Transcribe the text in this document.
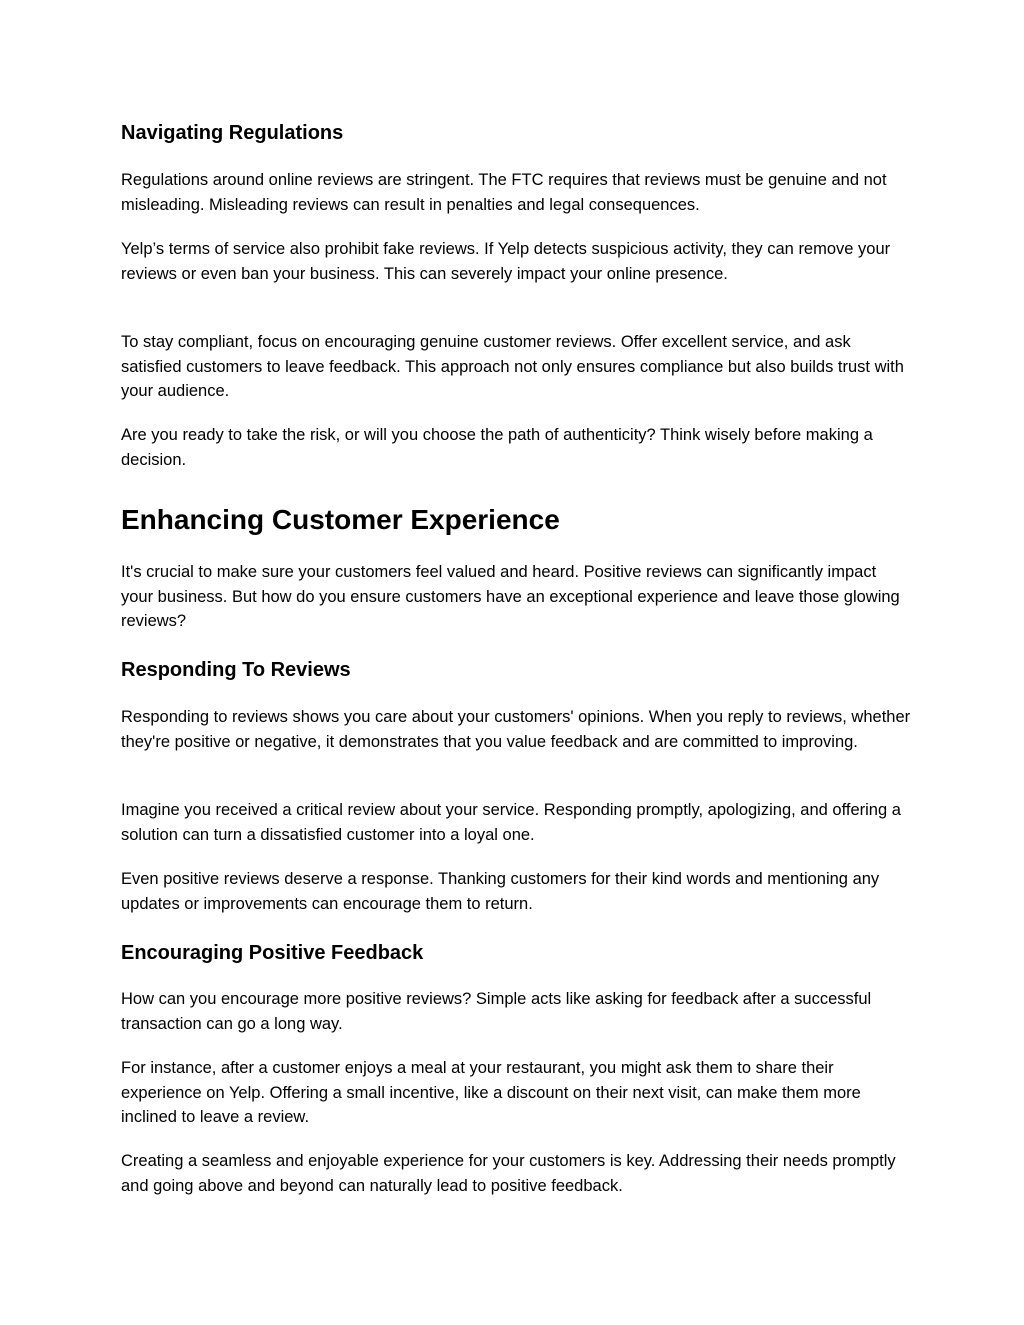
Navigating Regulations

Regulations around online reviews are stringent. The FTC requires that reviews must be genuine and not misleading. Misleading reviews can result in penalties and legal consequences.

Yelp’s terms of service also prohibit fake reviews. If Yelp detects suspicious activity, they can remove your reviews or even ban your business. This can severely impact your online presence.

To stay compliant, focus on encouraging genuine customer reviews. Offer excellent service, and ask satisfied customers to leave feedback. This approach not only ensures compliance but also builds trust with your audience.

Are you ready to take the risk, or will you choose the path of authenticity? Think wisely before making a decision.

Enhancing Customer Experience

It's crucial to make sure your customers feel valued and heard. Positive reviews can significantly impact your business. But how do you ensure customers have an exceptional experience and leave those glowing reviews?

Responding To Reviews

Responding to reviews shows you care about your customers' opinions. When you reply to reviews, whether they're positive or negative, it demonstrates that you value feedback and are committed to improving.

Imagine you received a critical review about your service. Responding promptly, apologizing, and offering a solution can turn a dissatisfied customer into a loyal one.

Even positive reviews deserve a response. Thanking customers for their kind words and mentioning any updates or improvements can encourage them to return.

Encouraging Positive Feedback

How can you encourage more positive reviews? Simple acts like asking for feedback after a successful transaction can go a long way.

For instance, after a customer enjoys a meal at your restaurant, you might ask them to share their experience on Yelp. Offering a small incentive, like a discount on their next visit, can make them more inclined to leave a review.

Creating a seamless and enjoyable experience for your customers is key. Addressing their needs promptly and going above and beyond can naturally lead to positive feedback.
